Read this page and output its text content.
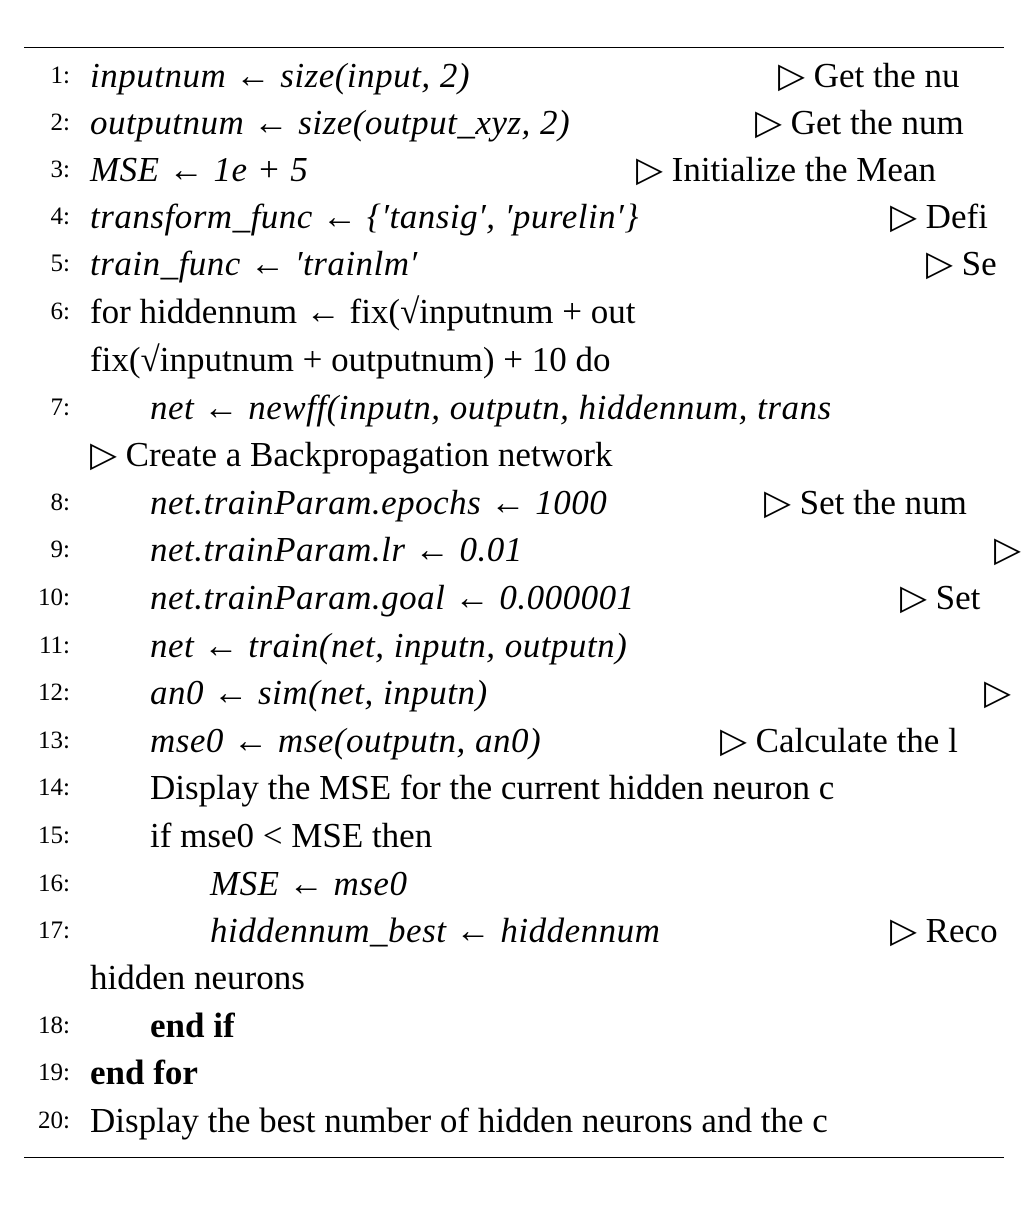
1: inputnum ← size(input, 2)	▷ Get the nu
2: outputnum ← size(output_xyz, 2)	▷ Get the num
3: MSE ← 1e + 5	▷ Initialize the Mean
4: transform_func ← {′tansig′, ′purelin′}	▷ Defi
5: train_func ← ′trainlm′	▷ Se
6: for hiddennum ← fix(√inputnum + out
fix(√inputnum + outputnum) + 10 do
7: net ← newff(inputn, outputn, hiddennum, trans
▷ Create a Backpropagation network
8: net.trainParam.epochs ← 1000	▷ Set the num
9: net.trainParam.lr ← 0.01	▷
10: net.trainParam.goal ← 0.000001	▷ Set
11: net ← train(net, inputn, outputn)
12: an0 ← sim(net, inputn)	▷
13: mse0 ← mse(outputn, an0)	▷ Calculate the l
14: Display the MSE for the current hidden neuron c
15: if mse0 < MSE then
16:	MSE ← mse0
17:	hiddennum_best ← hiddennum	▷ Reco
hidden neurons
18: end if
19: end for
20: Display the best number of hidden neurons and the c
